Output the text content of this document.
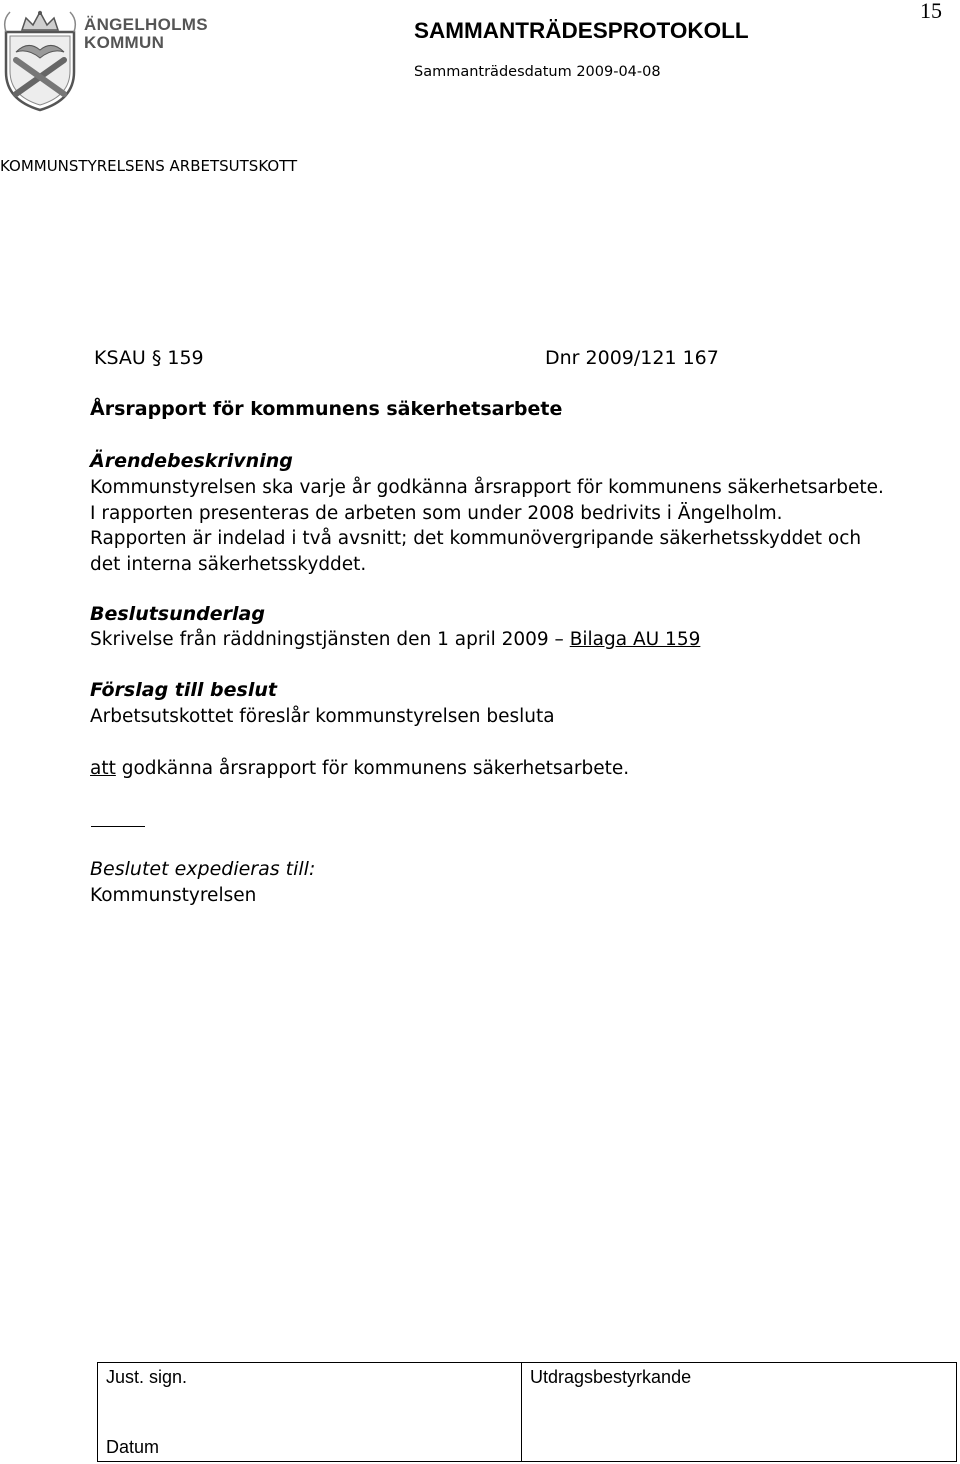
ÄNGELHOLMS
KOMMUN
15
SAMMANTRÄDESPROTOKOLL
Sammanträdesdatum 2009-04-08
KOMMUNSTYRELSENS ARBETSUTSKOTT
KSAU § 159	Dnr 2009/121 167
Årsrapport för kommunens säkerhetsarbete
Ärendebeskrivning
Kommunstyrelsen ska varje år godkänna årsrapport för kommunens säkerhetsarbete.
I rapporten presenteras de arbeten som under 2008 bedrivits i Ängelholm.
Rapporten är indelad i två avsnitt; det kommunövergripande säkerhetsskyddet och
det interna säkerhetsskyddet.
Beslutsunderlag
Skrivelse från räddningstjänsten den 1 april 2009 – Bilaga AU 159
Förslag till beslut
Arbetsutskottet föreslår kommunstyrelsen besluta
att godkänna årsrapport för kommunens säkerhetsarbete.
Beslutet expedieras till:
Kommunstyrelsen
Just. sign.
Datum

Utdragsbestyrkande
